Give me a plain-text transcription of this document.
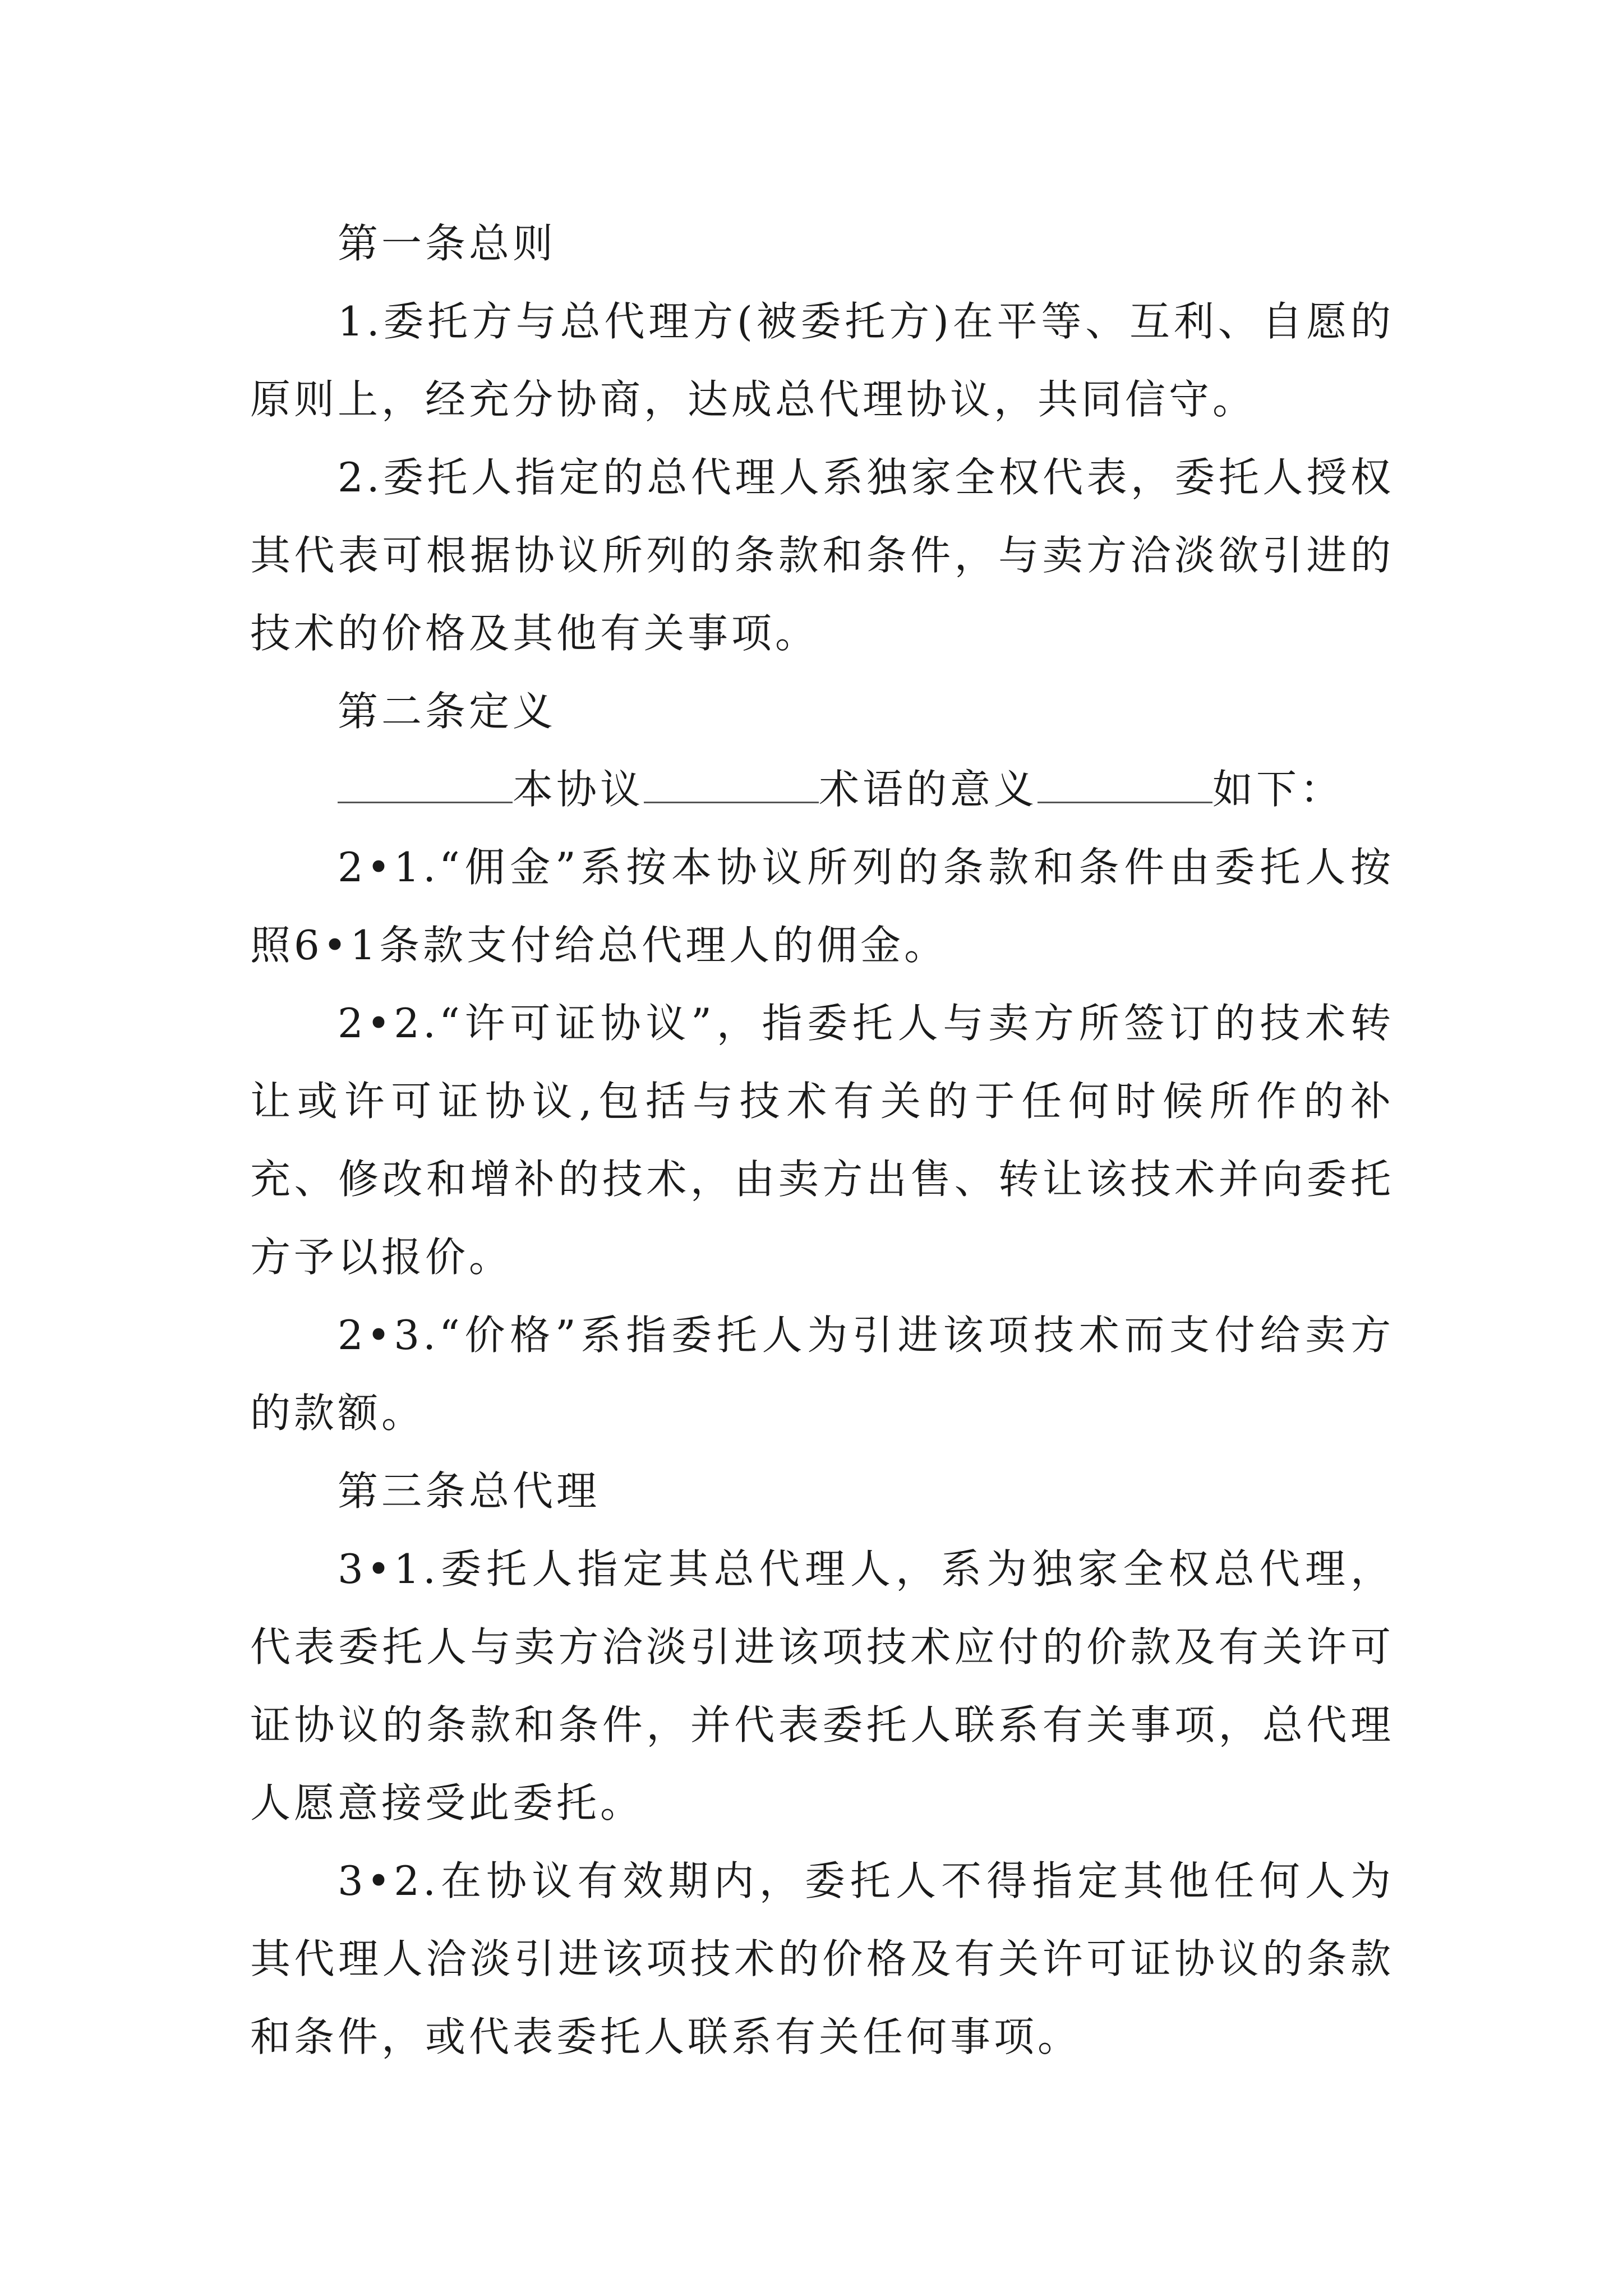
第一条总则

1.委托方与总代理方(被委托方)在平等、互利、自愿的原则上，经充分协商，达成总代理协议，共同信守。

2.委托人指定的总代理人系独家全权代表，委托人授权其代表可根据协议所列的条款和条件，与卖方洽淡欲引进的技术的价格及其他有关事项。

第二条定义

本协议	术语的意义	如下：

2•1.“佣金”系按本协议所列的条款和条件由委托人按照6•1条款支付给总代理人的佣金。

2•2.“许可证协议”，指委托人与卖方所签订的技术转让或许可证协议,包括与技术有关的于任何时候所作的补充、修改和增补的技术，由卖方出售、转让该技术并向委托方予以报价。

2•3.“价格”系指委托人为引进该项技术而支付给卖方的款额。

第三条总代理

3•1.委托人指定其总代理人，系为独家全权总代理，代表委托人与卖方洽淡引进该项技术应付的价款及有关许可证协议的条款和条件，并代表委托人联系有关事项，总代理人愿意接受此委托。

3•2.在协议有效期内，委托人不得指定其他任何人为其代理人洽淡引进该项技术的价格及有关许可证协议的条款和条件，或代表委托人联系有关任何事项。
